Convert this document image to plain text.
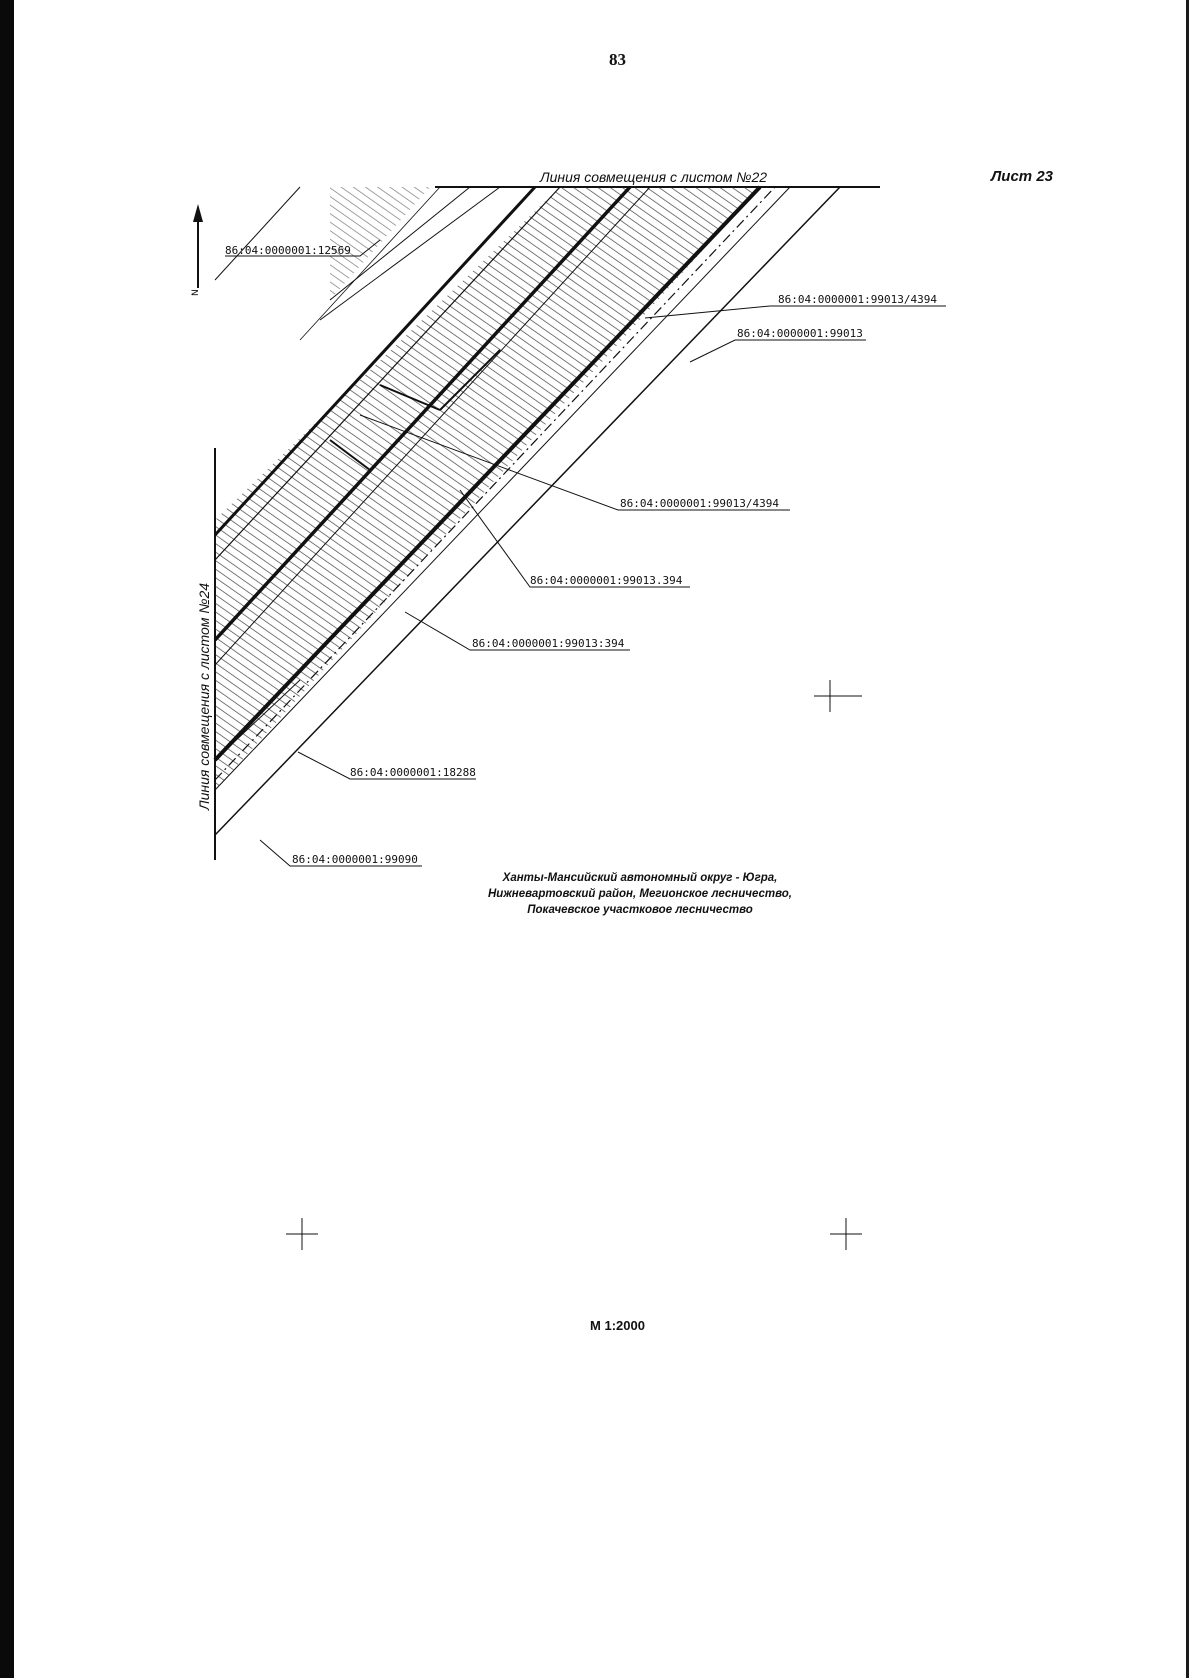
83
Лист 23
N
86:04:0000001:12569
86:04:0000001:99013/4394
86:04:0000001:99013
86:04:0000001:99013/4394
86:04:0000001:99013.394
86:04:0000001:99013:394
86:04:0000001:18288
86:04:0000001:99090
Линия совмещения с листом №22
Линия совмещения с листом №24
Ханты-Мансийский автономный округ - Югра,
Нижневартовский район, Мегионское лесничество,
Покачевское участковое лесничество
М 1:2000
